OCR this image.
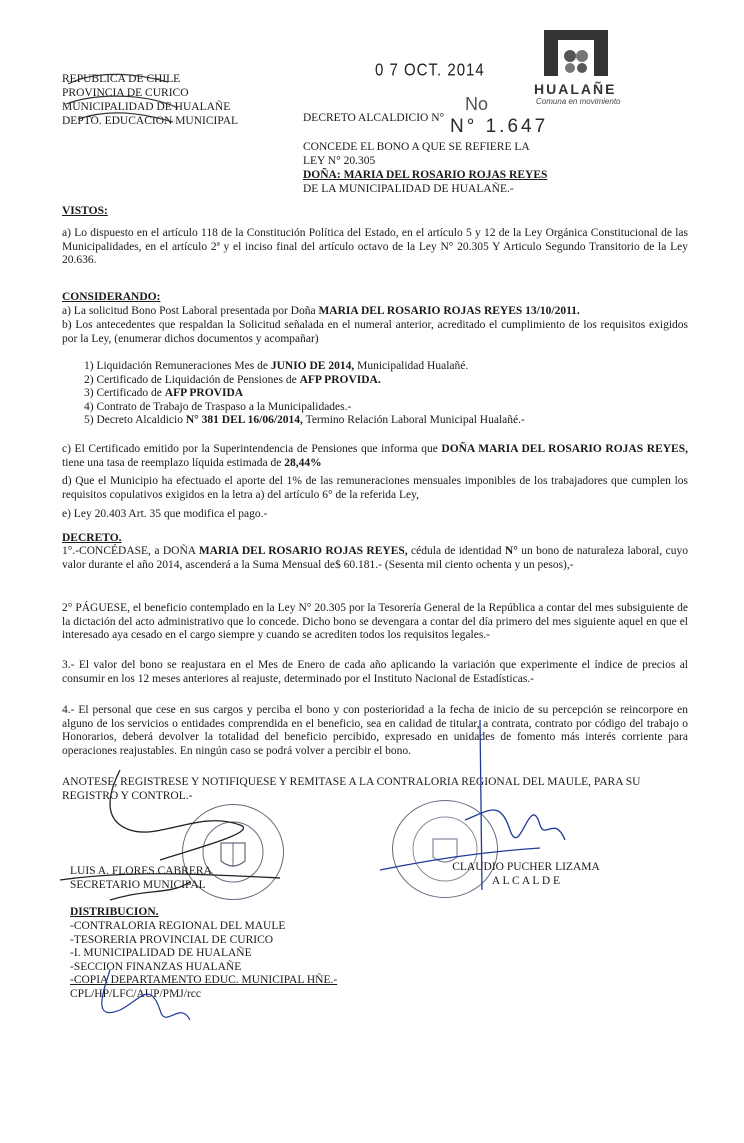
REPUBLICA DE CHILE
PROVINCIA DE CURICO
MUNICIPALIDAD DE HUALAÑE
DEPTO. EDUCACION MUNICIPAL
0 7 OCT. 2014
HUALAÑE
Comuna en movimiento
DECRETO ALCALDICIO N°
No
N° 1.647
CONCEDE EL BONO A QUE SE REFIERE LA
LEY N° 20.305
DOÑA: MARIA DEL ROSARIO ROJAS REYES
DE LA MUNICIPALIDAD DE HUALAÑE.-
VISTOS:
a) Lo dispuesto en el artículo 118 de la Constitución Política del Estado, en el artículo 5 y 12 de la Ley Orgánica Constitucional de las Municipalidades, en el artículo 2ª y el inciso final del artículo octavo de la Ley N° 20.305 Y Articulo Segundo Transitorio de la Ley 20.636.
CONSIDERANDO:
a) La solicitud Bono Post Laboral presentada por Doña MARIA DEL ROSARIO ROJAS REYES 13/10/2011.
b) Los antecedentes que respaldan la Solicitud señalada en el numeral anterior, acreditado el cumplimiento de los requisitos exigidos por la Ley, (enumerar dichos documentos y acompañar)
1) Liquidación Remuneraciones Mes de JUNIO DE 2014, Municipalidad Hualañé.
2) Certificado de Liquidación de Pensiones de AFP PROVIDA.
3) Certificado de AFP PROVIDA
4) Contrato de Trabajo de Traspaso a la Municipalidades.-
5) Decreto Alcaldicio N° 381 DEL 16/06/2014, Termino Relación Laboral Municipal Hualañé.-
c) El Certificado emitido por la Superintendencia de Pensiones que informa que DOÑA MARIA DEL ROSARIO ROJAS REYES, tiene una tasa de reemplazo líquida estimada de 28,44%
d) Que el Municipio ha efectuado el aporte del 1% de las remuneraciones mensuales imponibles de los trabajadores que cumplen los requisitos copulativos exigidos en la letra a) del artículo 6° de la referida Ley,
e) Ley 20.403 Art. 35 que modifica el pago.-
DECRETO.
1°.-CONCÉDASE, a DOÑA MARIA DEL ROSARIO ROJAS REYES, cédula de identidad N° un bono de naturaleza laboral, cuyo valor durante el año 2014, ascenderá a la Suma Mensual de$ 60.181.- (Sesenta mil ciento ochenta y un pesos),-
2° PÁGUESE, el beneficio contemplado en la Ley N° 20.305 por la Tesorería General de la República a contar del mes subsiguiente de la dictación del acto administrativo que lo concede. Dicho bono se devengara a contar del día primero del mes siguiente aquel en que el interesado aya cesado en el cargo siempre y cuando se acrediten todos los requisitos legales.-
3.- El valor del bono se reajustara en el Mes de Enero de cada año aplicando la variación que experimente el índice de precios al consumir en los 12 meses anteriores al reajuste, determinado por el Instituto Nacional de Estadísticas.-
4.- El personal que cese en sus cargos y perciba el bono y con posterioridad a la fecha de inicio de su percepción se reincorpore en alguno de los servicios o entidades comprendida en el beneficio, sea en calidad de titular, a contrata, contrato por código del trabajo o Honorarios, deberá devolver la totalidad del beneficio percibido, expresado en unidades de fomento más interés corriente para operaciones reajustables. En ningún caso se podrá volver a percibir el bono.
ANOTESE, REGISTRESE Y NOTIFIQUESE Y REMITASE A LA CONTRALORIA REGIONAL DEL MAULE, PARA SU REGISTRO Y CONTROL.-
LUIS A. FLORES CABRERA
SECRETARIO MUNICIPAL
CLAUDIO PUCHER LIZAMA
A L C A L D E
DISTRIBUCION.
-CONTRALORIA REGIONAL DEL MAULE
-TESORERIA PROVINCIAL DE CURICO
-I. MUNICIPALIDAD DE HUALAÑE
-SECCION FINANZAS HUALAÑE
-COPIA DEPARTAMENTO EDUC. MUNICIPAL HÑE.-
CPL/HP/LFC/AUP/PMJ/rcc
